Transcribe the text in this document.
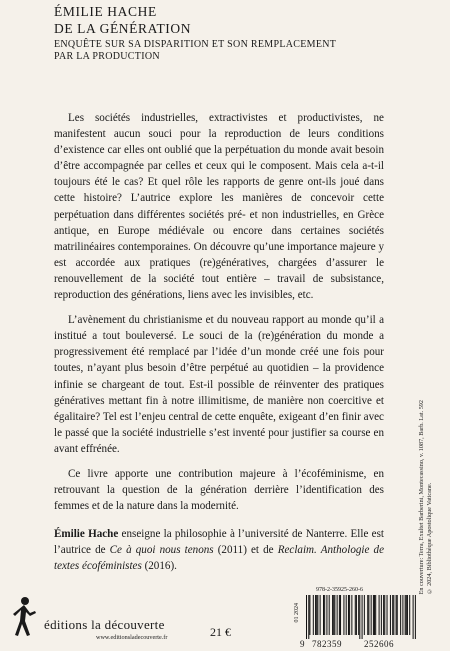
ÉMILIE HACHE
DE LA GÉNÉRATION
ENQUÊTE SUR SA DISPARITION ET SON REMPLACEMENT
PAR LA PRODUCTION

Les sociétés industrielles, extractivistes et productivistes, ne manifestent aucun souci pour la reproduction de leurs conditions d’existence car elles ont oublié que la perpétuation du monde avait besoin d’être accompagnée par celles et ceux qui le composent. Mais cela a-t-il toujours été le cas? Et quel rôle les rapports de genre ont-ils joué dans cette histoire? L’autrice explore les manières de concevoir cette perpétuation dans différentes sociétés pré- et non industrielles, en Grèce antique, en Europe médiévale ou encore dans certaines sociétés matrilinéaires contemporaines. On découvre qu’une importance majeure y est accordée aux pratiques (re)génératives, chargées d’assurer le renouvellement de la société tout entière – travail de subsistance, reproduction des générations, liens avec les invisibles, etc.

L’avènement du christianisme et du nouveau rapport au monde qu’il a institué a tout bouleversé. Le souci de la (re)génération du monde a progressivement été remplacé par l’idée d’un monde créé une fois pour toutes, n’ayant plus besoin d’être perpétué au quotidien – la providence infinie se chargeant de tout. Est-il possible de réinventer des pratiques génératives mettant fin à notre illimitisme, de manière non coercitive et égalitaire? Tel est l’enjeu central de cette enquête, exigeant d’en finir avec le passé que la société industrielle s’est inventé pour justifier sa course en avant effrénée.

Ce livre apporte une contribution majeure à l’écoféminisme, en retrouvant la question de la génération derrière l’identification des femmes et de la nature dans la modernité.

Émilie Hache enseigne la philosophie à l’université de Nanterre. Elle est l’autrice de Ce à quoi nous tenons (2011) et de Reclaim. Anthologie de textes écoféministes (2016).	En couverture: Terra, Exultet Barberini, Montecassino, v. 1087, Barb. Lat. 592 © 2024, Bibliothèque Apostolique Vaticane.
éditions la découverte
www.editionsladecouverte.fr	21 €
978-2-35925-260-6
01 2024
9 782359 252606
